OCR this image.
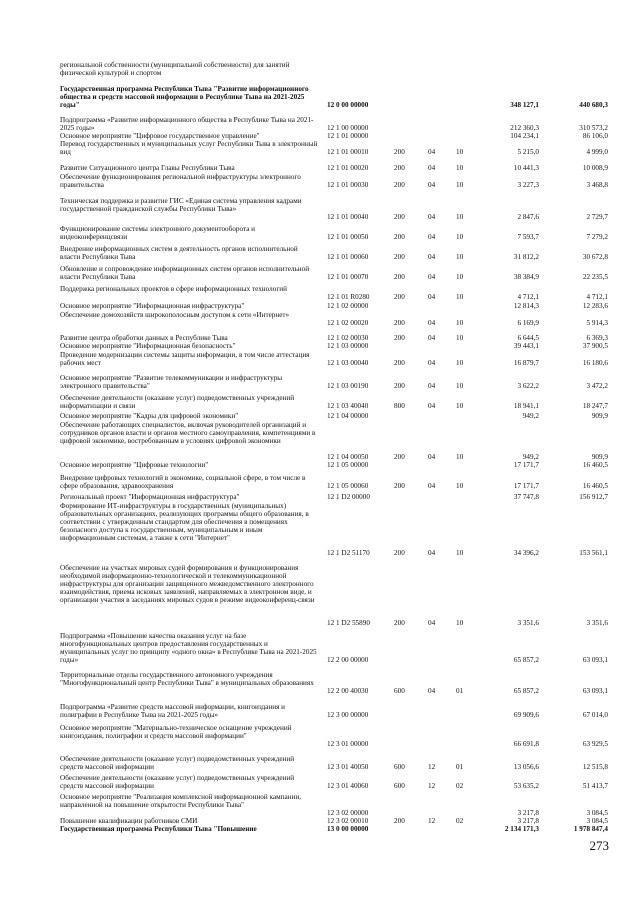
региональной собственности (муниципальной собственности) для занятий физической культурой и спортом
Государственная программа Республики Тыва "Развитие информационного общества и средств массовой информации в Республике Тыва на 2021-2025 годы"	12 0 00 00000	348 127,1	440 680,3
Подпрограмма «Развитие информационного общества в Республике Тыва на 2021-2025 годы»	12 1 00 00000	212 360,3	310 573,2
Основное мероприятие "Цифровое государственное управление"	12 1 01 00000	104 234,1	86 106,0
Перевод государственных и муниципальных услуг Республики Тыва в электронный вид	12 1 01 00010	200	04	10	5 215,0	4 999,0
Развитие Ситуационного центра Главы Республики Тыва	12 1 01 00020	200	04	10	10 441,3	10 008,9
Обеспечение функционирования региональной инфраструктуры электронного правительства	12 1 01 00030	200	04	10	3 227,3	3 468,8
Техническая поддержка и развитие ГИС «Единая система управления кадрами государственной гражданской службы Республики Тыва»
12 1 01 00040	200	04	10	2 847,6	2 729,7
Функционирование системы электронного документооборота и видеоконференцсвязи	12 1 01 00050	200	04	10	7 593,7	7 279,2
Внедрение информационных систем в деятельность органов исполнительной власти Республики Тыва	12 1 01 00060	200	04	10	31 812,2	30 672,8
Обновление и сопровождение информационных систем органов исполнительной власти Республики Тыва	12 1 01 00070	200	04	10	38 384,9	22 235,5
Поддержка региональных проектов в сфере информационных технологий
12 1 01 R0280	200	04	10	4 712,1	4 712,1
Основное мероприятие "Информационная инфраструктура"	12 1 02 00000	12 814,3	12 283,6
Обеспечение домохозяйств широкополосным доступом к сети «Интернет»
12 1 02 00020	200	04	10	6 169,9	5 914,3
Развитие центра обработки данных в Республике Тыва	12 1 02 00030	200	04	10	6 644,5	6 369,3
Основное мероприятие "Информационная безопасность"	12 1 03 00000	39 443,1	37 900,5
Проведение модернизации системы защиты информации, в том числе аттестация рабочих мест	12 1 03 00040	200	04	10	16 879,7	16 180,6
Основное мероприятие "Развитие телекоммуникации и инфраструктуры электронного правительства"	12 1 03 00190	200	04	10	3 622,2	3 472,2
Обеспечение деятельности (оказание услуг) подведомственных учреждений информатизации и связи	12 1 03 40040	800	04	10	18 941,1	18 247,7
Основное мероприятие "Кадры для цифровой экономики"	12 1 04 00000	949,2	909,9
Обеспечение работающих специалистов, включая руководителей организаций и сотрудников органов власти и органов местного самоуправления, компетенциями в цифровой экономике, востребованным в условиях цифровой экономики
12 1 04 00050	200	04	10	949,2	909,9
Основное мероприятие "Цифровые технологии"	12 1 05 00000	17 171,7	16 460,5
Внедрение цифровых технологий в экономике, социальной сфере, в том числе в сфере образования, здравоохранения	12 1 05 00060	200	04	10	17 171,7	16 460,5
Региональный проект "Информационная инфраструктура"	12 1 D2 00000	37 747,8	156 912,7
Формирование ИТ-инфраструктуры в государственных (муниципальных) образовательных организациях, реализующих программы общего образования, в соответствии с утвержденным стандартом для обеспечения в помещениях безопасного доступа к государственным, муниципальным и иным информационным системам, а также к сети "Интернет"
12 1 D2 51170	200	04	10	34 396,2	153 561,1
Обеспечение на участках мировых судей формирования и функционирования необходимой информационно-технологической и телекоммуникационной инфраструктуры для организации защищенного межведомственного электронного взаимодействия, приема исковых заявлений, направляемых в электронном виде, и организации участия в заседаниях мировых судов в режиме видеоконференц-связи
12 1 D2 55890	200	04	10	3 351,6	3 351,6
Подпрограмма «Повышение качества оказания услуг на базе многофункциональных центров предоставления государственных и муниципальных услуг по принципу «одного окна» в Республике Тыва на 2021-2025 годы»	12 2 00 00000	65 857,2	63 093,1
Территориальные отделы государственного автономного учреждения "Многофункциональный центр Республики Тыва" в муниципальных образованиях
12 2 00 40030	600	04	01	65 857,2	63 093,1
Подпрограмма «Развитие средств массовой информации, книгоиздания и полиграфии в Республике Тыва на 2021-2025 годы»	12 3 00 00000	69 909,6	67 014,0
Основное мероприятие "Материально-техническое оснащение учреждений книгоиздания, полиграфии и средств массовой информации"
12 3 01 00000	66 691,8	63 929,5
Обеспечение деятельности (оказание услуг) подведомственных учреждений средств массовой информации	12 3 01 40050	600	12	01	13 056,6	12 515,8
Обеспечение деятельности (оказание услуг) подведомственных учреждений средств массовой информации	12 3 01 40060	600	12	02	53 635,2	51 413,7
Основное мероприятие "Реализация комплексной информационной кампании, направленной на повышение открытости Республики Тыва"
12 3 02 00000	3 217,8	3 084,5
Повышение квалификации работников СМИ	12 3 02 00010	200	12	02	3 217,8	3 084,5
Государственная программа Республики Тыва "Повышение	13 0 00 00000	2 134 171,3	1 978 847,4
273
